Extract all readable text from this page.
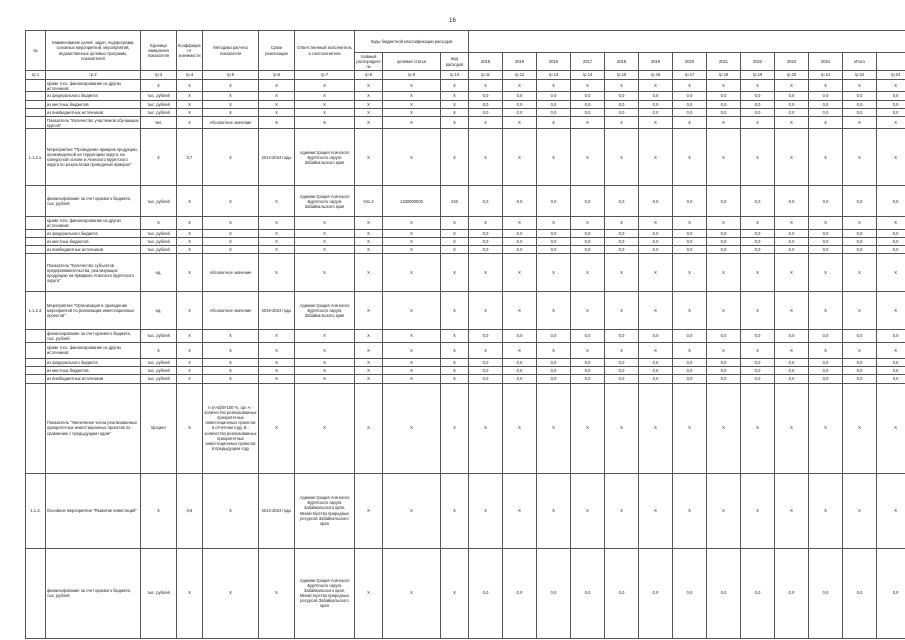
16
№	Наименование целей, задач, подпрограмм, основных мероприятий, мероприятий, ведомственных целевых программ, показателей	Единица измерения показателя	Коэффициент значимости	Методика расчета показателя	Сроки реализации	Ответственный исполнитель и соисполнители	Коды бюджетной классификации расходов															
							главный распорядитель	целевая статья	вид расходов	2018	2019	2016	2017	2018	2019	2020	2021	2022	2023	2024	Итого

гр.1	гр.2	гр.3	гр.4	гр.5	гр.6	гр.7	гр.8	гр.9	гр.10	гр.11	гр.12	гр.13	гр.14	гр.15	гр.16	гр.17	гр.18	гр.19	гр.20	гр.21	гр.22	гр.24
	кроме того, финансирование из других источников:	X	X	X	X	X	X	X	X	X	X	X	X	X	X	X	X	X	X	X	X	X
	из федерального бюджета	тыс. рублей	X	X	X	X	X	X	X	0,0	0,0	0,0	0,0	0,0	0,0	0,0	0,0	0,0	0,0	0,0	0,0	0,0
	из местных бюджетов	тыс. рублей	X	X	X	X	X	X	X	0,0	0,0	0,0	0,0	0,0	0,0	0,0	0,0	0,0	0,0	0,0	0,0	0,0
	из внебюджетных источников	тыс. рублей	X	X	X	X	X	X	X	0,0	0,0	0,0	0,0	0,0	0,0	0,0	0,0	0,0	0,0	0,0	0,0	0,0
	Показатель "Количество участников обучающих курсов"	чел.	X	Абсолютное значение	X	X	X	X	X	X	X	X	X	X	X	X	X	X	X	X	X	X
1.1.2.1.	Мероприятие "Проведение ярмарок продукции, произведенной на территории округа, на конкурсной основе и Агинского Бурятского округа по результатам проведения ярмарок"	X	0,7	X	2014-2024 годы	Администрация Агинского Бурятского округа Забайкальского края	X	X	X	X	X	X	X	X	X	X	X	X	X	X	X	X
	финансирование за счет краевого бюджета, тыс. рублей	тыс. рублей	X	X	X	Администрация Агинского Бурятского округа Забайкальского края	041.2	1330000000	240	0,0	0,0	0,0	0,0	0,0	0,0	0,0	0,0	0,0	0,0	0,0	0,0	0,0
	кроме того, финансирование из других источников:	X	X	X	X	X	X	X	X	X	X	X	X	X	X	X	X	X	X	X	X	X
	из федерального бюджета	тыс. рублей	X	X	X	X	X	X	X	0,0	0,0	0,0	0,0	0,0	0,0	0,0	0,0	0,0	0,0	0,0	0,0	0,0
	из местных бюджетов	тыс. рублей	X	X	X	X	X	X	X	0,0	0,0	0,0	0,0	0,0	0,0	0,0	0,0	0,0	0,0	0,0	0,0	0,0
	из внебюджетных источников	тыс. рублей	X	X	X	X	X	X	X	0,0	0,0	0,0	0,0	0,0	0,0	0,0	0,0	0,0	0,0	0,0	0,0	0,0
	Показатель "Количество субъектов предпринимательства, реализующих продукцию на ярмарках Агинского Бурятского округа"	ед.	X	Абсолютное значение	X	X	X	X	X	X	X	X	X	X	X	X	X	X	X	X	X	X
1.1.2.4.	Мероприятие "Организация и проведение мероприятий по реализации инвестиционных проектов"	ед.	X	Абсолютное значение	2019-2024 годы	Администрация Агинского Бурятского округа Забайкальского края	X	X	X	X	X	X	X	X	X	X	X	X	X	X	X	X
	финансирование за счет краевого бюджета, тыс. рублей	тыс. рублей	X	X	X	X	X	X	X	0,0	0,0	0,0	0,0	0,0	0,0	0,0	0,0	0,0	0,0	0,0	0,0	0,0
	кроме того, финансирование из других источников:	X	X	X	X	X	X	X	X	X	X	X	X	X	X	X	X	X	X	X	X	X
	из федерального бюджета	тыс. рублей	X	X	X	X	X	X	X	0,0	0,0	0,0	0,0	0,0	0,0	0,0	0,0	0,0	0,0	0,0	0,0	0,0
	из местных бюджетов	тыс. рублей	X	X	X	X	X	X	X	0,0	0,0	0,0	0,0	0,0	0,0	0,0	0,0	0,0	0,0	0,0	0,0	0,0
	из внебюджетных источников	тыс. рублей	X	X	X	X	X	X	X	0,0	0,0	0,0	0,0	0,0	0,0	0,0	0,0	0,0	0,0	0,0	0,0	0,0
	Показатель "Увеличение числа реализованных приоритетных инвестиционных проектов по сравнению с предыдущим годом"	процент	X	I=(А-Б)/Б*100 %, где А - количество реализованных приоритетных инвестиционных проектов в отчетном году, Б - количество реализованных приоритетных инвестиционных проектов в предыдущем году	X	X	X	X	X	X	X	X	X	X	X	X	X	X	X	X	X	X
1.1.3.	Основное мероприятие "Развитие инвестиций"	X	0,9	X	2014-2024 годы	Администрация Агинского Бурятского округа Забайкальского края, Министерство природных ресурсов Забайкальского края	X	X	X	X	X	X	X	X	X	X	X	X	X	X	X	X
	финансирование за счет краевого бюджета, тыс. рублей	тыс. рублей	X	X	X	Администрация Агинского Бурятского округа Забайкальского края, Министерство природных ресурсов Забайкальского края	X	X	X	0,0	0,0	0,0	0,0	0,0	0,0	0,0	0,0	0,0	0,0	0,0	0,0	0,0
